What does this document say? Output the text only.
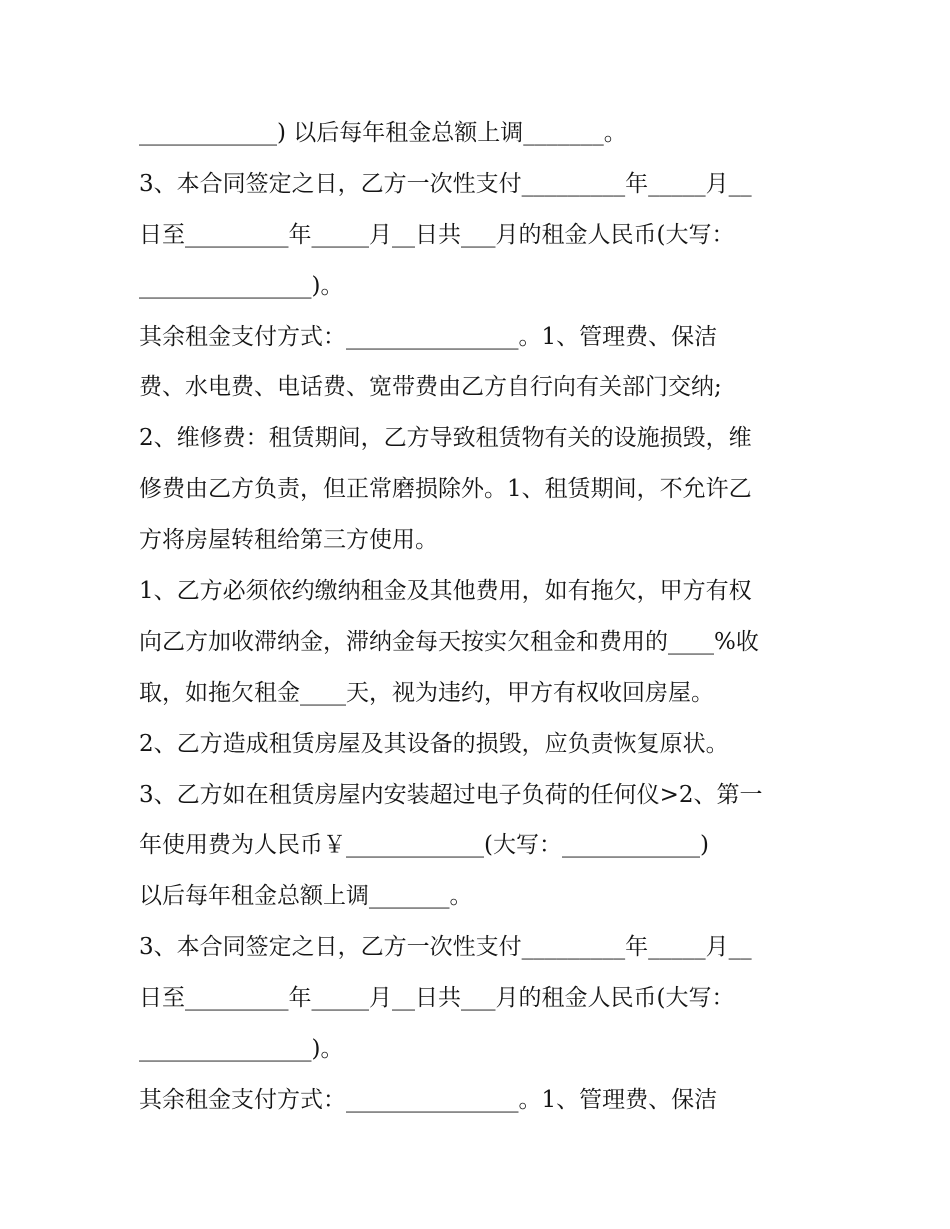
____________) 以后每年租金总额上调_______。
3、本合同签定之日，乙方一次性支付_________年_____月__
日至_________年_____月__日共___月的租金人民币(大写：
_______________)。
其余租金支付方式：_______________。1、管理费、保洁
费、水电费、电话费、宽带费由乙方自行向有关部门交纳;
2、维修费：租赁期间，乙方导致租赁物有关的设施损毁，维
修费由乙方负责，但正常磨损除外。1、租赁期间，不允许乙
方将房屋转租给第三方使用。
1、乙方必须依约缴纳租金及其他费用，如有拖欠，甲方有权
向乙方加收滞纳金，滞纳金每天按实欠租金和费用的____%收
取，如拖欠租金____天，视为违约，甲方有权收回房屋。
2、乙方造成租赁房屋及其设备的损毁，应负责恢复原状。
3、乙方如在租赁房屋内安装超过电子负荷的任何仪>2、第一
年使用费为人民币￥____________(大写：____________)
以后每年租金总额上调_______。
3、本合同签定之日，乙方一次性支付_________年_____月__
日至_________年_____月__日共___月的租金人民币(大写：
_______________)。
其余租金支付方式：_______________。1、管理费、保洁
